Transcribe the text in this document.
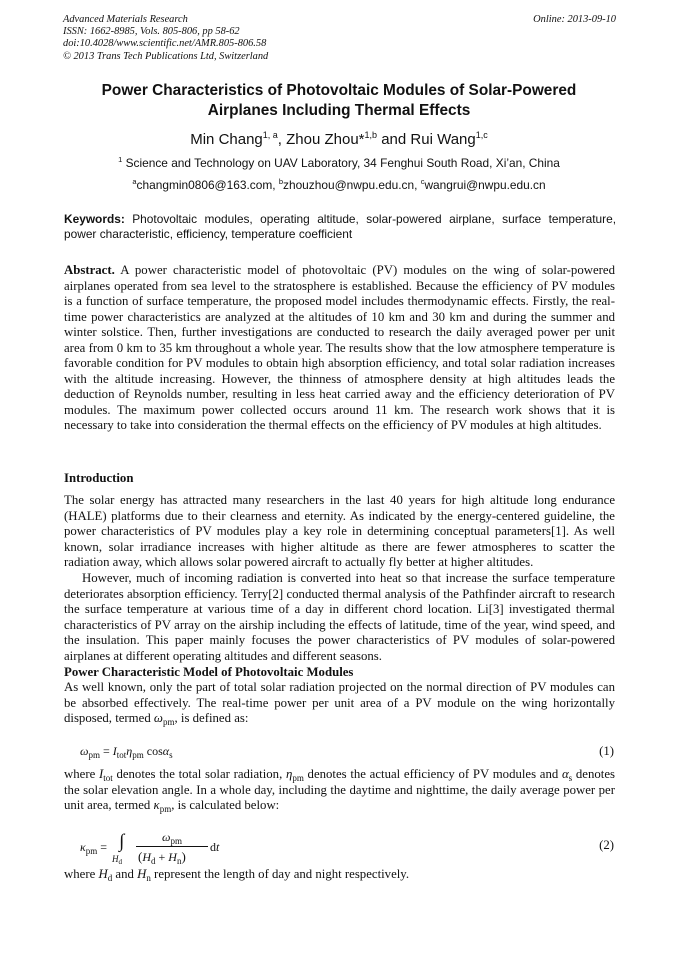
Advanced Materials Research
ISSN: 1662-8985, Vols. 805-806, pp 58-62
doi:10.4028/www.scientific.net/AMR.805-806.58
© 2013 Trans Tech Publications Ltd, Switzerland
Online: 2013-09-10
Power Characteristics of Photovoltaic Modules of Solar-Powered
Airplanes Including Thermal Effects
Min Chang$^{1, a}$, Zhou Zhou*$^{1,b}$ and Rui Wang$^{1,c}$
$^1$ Science and Technology on UAV Laboratory, 34 Fenghui South Road, Xi’an, China
$^a$changmin0806@163.com, $^b$zhouzhou@nwpu.edu.cn, $^c$wangrui@nwpu.edu.cn
Keywords: Photovoltaic modules, operating altitude, solar-powered airplane, surface temperature, power characteristic, efficiency, temperature coefficient
Abstract. A power characteristic model of photovoltaic (PV) modules on the wing of solar-powered airplanes operated from sea level to the stratosphere is established. Because the efficiency of PV modules is a function of surface temperature, the proposed model includes thermodynamic effects. Firstly, the real-time power characteristics are analyzed at the altitudes of 10 km and 30 km and during the summer and winter solstice. Then, further investigations are conducted to research the daily averaged power per unit area from 0 km to 35 km throughout a whole year. The results show that the low atmosphere temperature is favorable condition for PV modules to obtain high absorption efficiency, and total solar radiation increases with the altitude increasing. However, the thinness of atmosphere density at high altitudes leads the deduction of Reynolds number, resulting in less heat carried away and the efficiency deterioration of PV modules. The maximum power collected occurs around 11 km. The research work shows that it is necessary to take into consideration the thermal effects on the efficiency of PV modules at high altitudes.
Introduction
The solar energy has attracted many researchers in the last 40 years for high altitude long endurance (HALE) platforms due to their clearness and eternity. As indicated by the energy-centered guideline, the power characteristics of PV modules play a key role in determining conceptual parameters[1]. As well known, solar irradiance increases with higher altitude as there are fewer atmospheres to scatter the radiation away, which allows solar powered aircraft to actually fly better at higher altitudes.
However, much of incoming radiation is converted into heat so that increase the surface temperature deteriorates absorption efficiency. Terry[2] conducted thermal analysis of the Pathfinder aircraft to research the surface temperature at various time of a day in different chord location. Li[3] investigated thermal characteristics of PV array on the airship including the effects of latitude, time of the year, wind speed, and the insulation. This paper mainly focuses the power characteristics of PV modules of solar-powered airplanes at different operating altitudes and different seasons.
Power Characteristic Model of Photovoltaic Modules
As well known, only the part of total solar radiation projected on the normal direction of PV modules can be absorbed effectively. The real-time power per unit area of a PV module on the wing horizontally disposed, termed $\omega_{pm}$, is defined as:
$\omega_{pm} = I_{tot}\eta_{pm}$ cosα$_s$	(1)
where $I_{tot}$ denotes the total solar radiation, $\eta_{pm}$ denotes the actual efficiency of PV modules and $\alpha_s$ denotes the solar elevation angle. In a whole day, including the daytime and nighttime, the daily average power per unit area, termed $\kappa_{pm}$, is calculated below:
$\kappa_{pm}$ = ∫
$H_d$
$\omega_{pm}$
$(H_d + H_n)$
dt	(2)
where $H_d$ and $H_n$ represent the length of day and night respectively.
